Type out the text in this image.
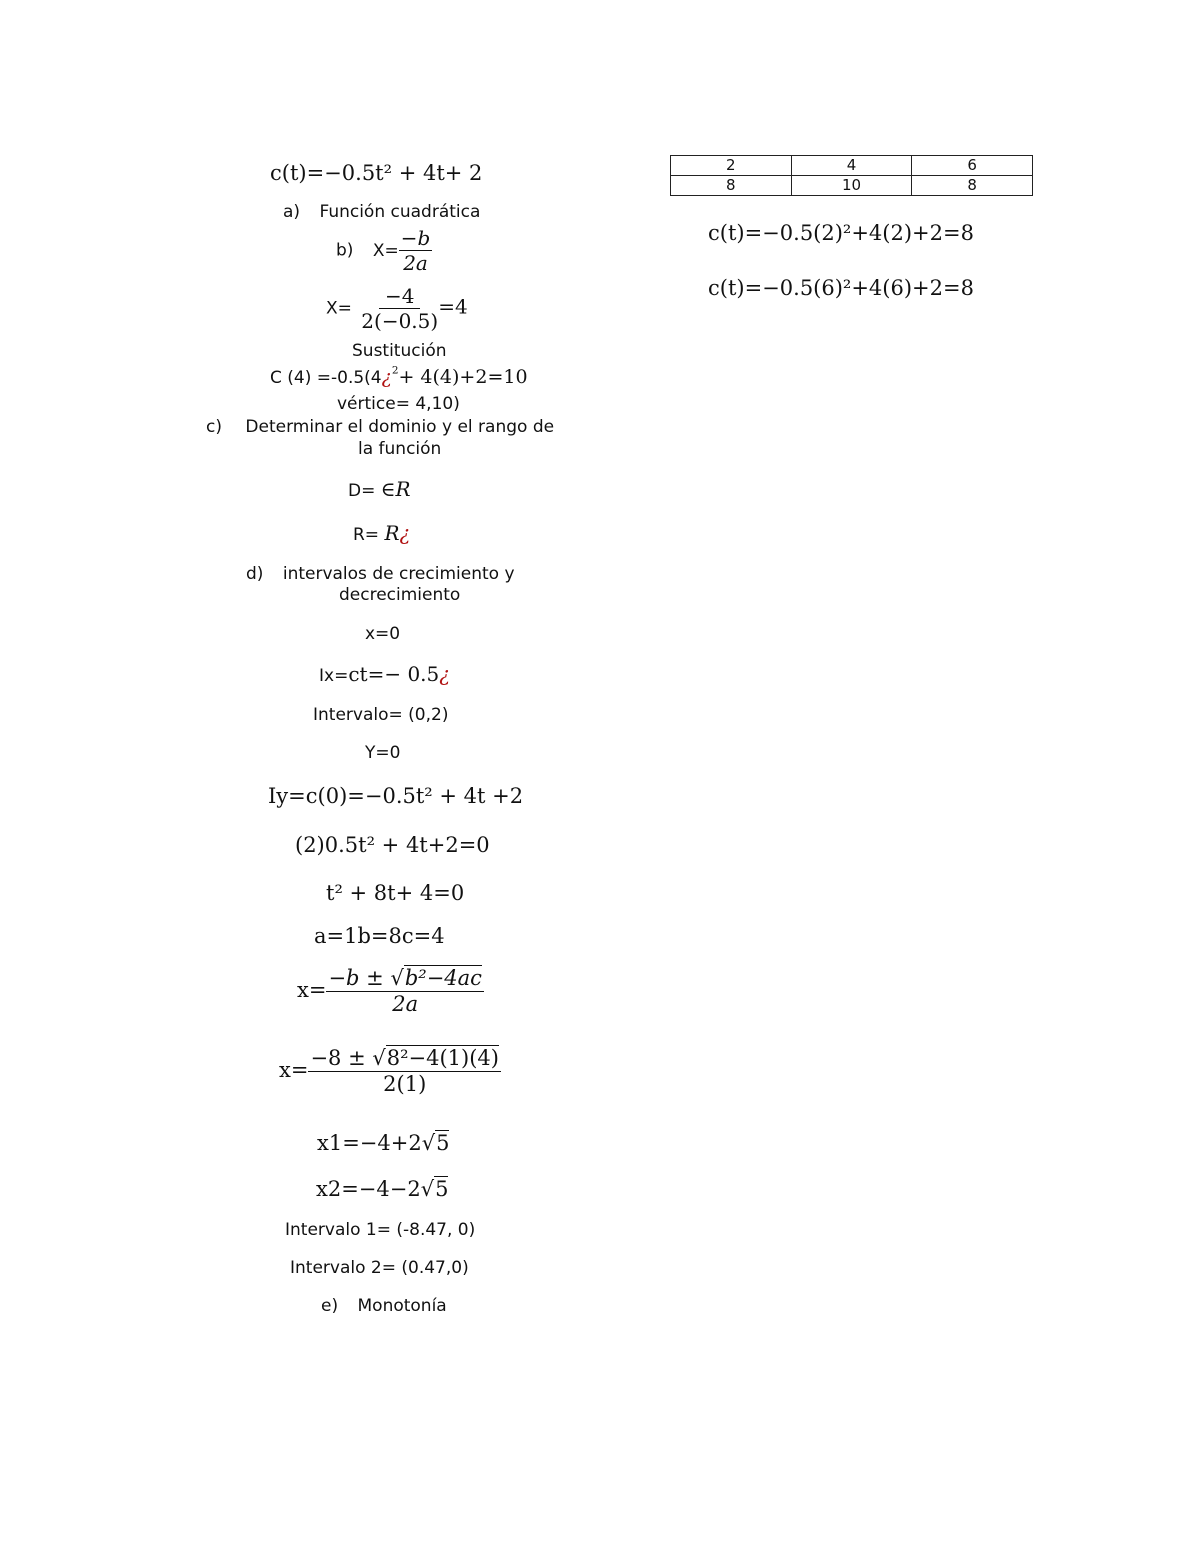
c(t)=−0.5t² + 4t+ 2
a) Función cuadrática
b) $X= \frac{-b}{2a}$
$X= \frac{-4}{2(-0.5)} =4$
Sustitución
C (4) =-0.5(4¿$^2$+ 4(4)+2=10
vértice= 4,10)
c) Determinar el dominio y el rango de
la función
D= ∈R
R= R¿
d) intervalos de crecimiento y
decrecimiento
x=0
Ix=ct=− 0.5¿
Intervalo= (0,2)
Y=0
Iy=c(0)=−0.5t² + 4t +2
(2)0.5t² + 4t+2=0
t² + 8t+ 4=0
a=1b=8c=4
$x= \frac{\text{−b ± √b²−4ac}}{2a}$
$x= \frac{\text{−8 ± √8²−4(1)(4)}}{2(1)}$
x1=−4+2√5
x2=−4−2√5
Intervalo 1= (-8.47, 0)
Intervalo 2= (0.47,0)
e) Monotonía
2	4	6
8	10	8
c(t)=−0.5(2)²+4(2)+2=8
c(t)=−0.5(6)²+4(6)+2=8
